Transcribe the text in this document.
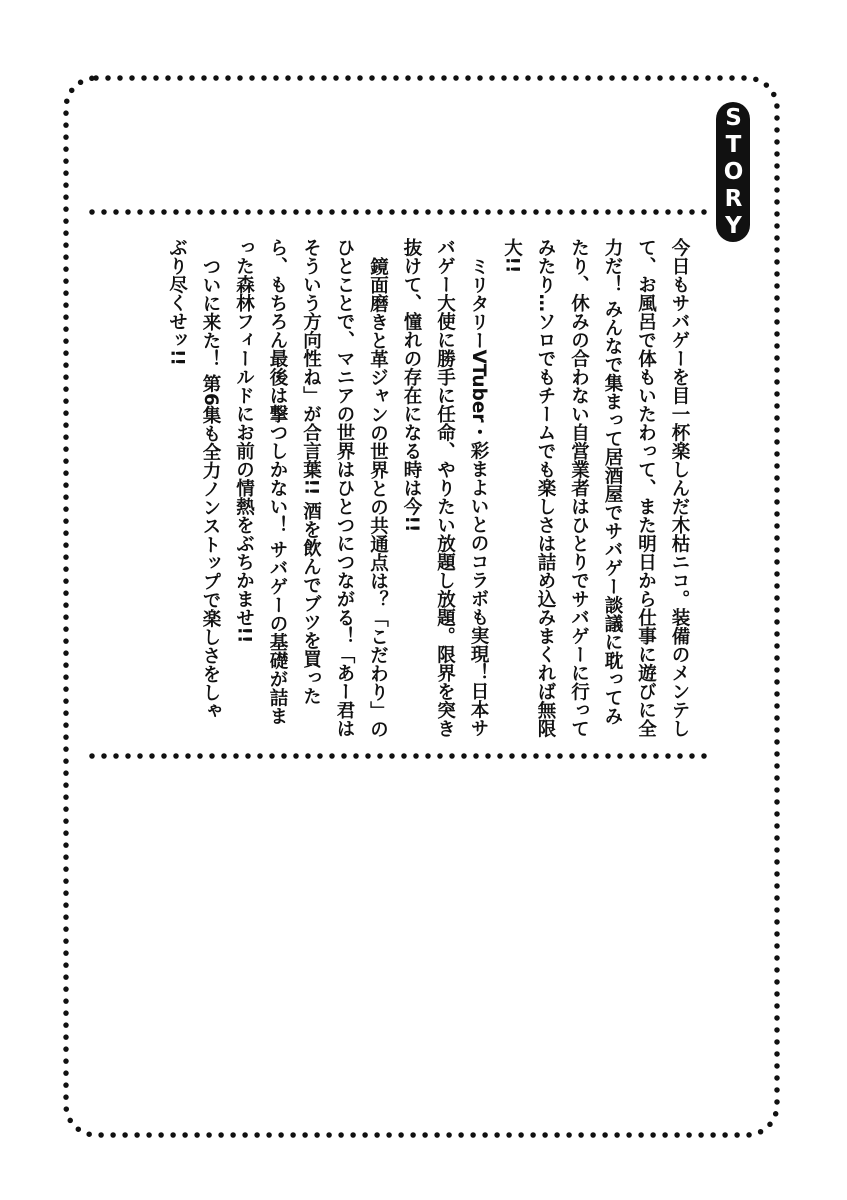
STORY

今日もサバゲーを目一杯楽しんだ木枯ニコ。装備のメンテして、お風呂で体もいたわって、また明日から仕事に遊びに全力だ！ みんなで集まって居酒屋でサバゲー談議に耽ってみたり、休みの合わない自営業者はひとりでサバゲーに行ってみたり…ソロでもチームでも楽しさは詰め込みまくれば無限大!!

ミリタリーVTuber・彩まよいとのコラボも実現！日本サバゲー大使に勝手に任命、やりたい放題し放題。限界を突き抜けて、憧れの存在になる時は今!!

鏡面磨きと革ジャンの世界との共通点は？「こだわり」のひとことで、マニアの世界はひとつにつながる！「あー君はそういう方向性ね」が合言葉!! 酒を飲んでブツを買ったら、もちろん最後は撃つしかない！ サバゲーの基礎が詰まった森林フィールドにお前の情熱をぶちかませ!!

ついに来た！ 第6集も全力ノンストップで楽しさをしゃぶり尽くせッ!!
